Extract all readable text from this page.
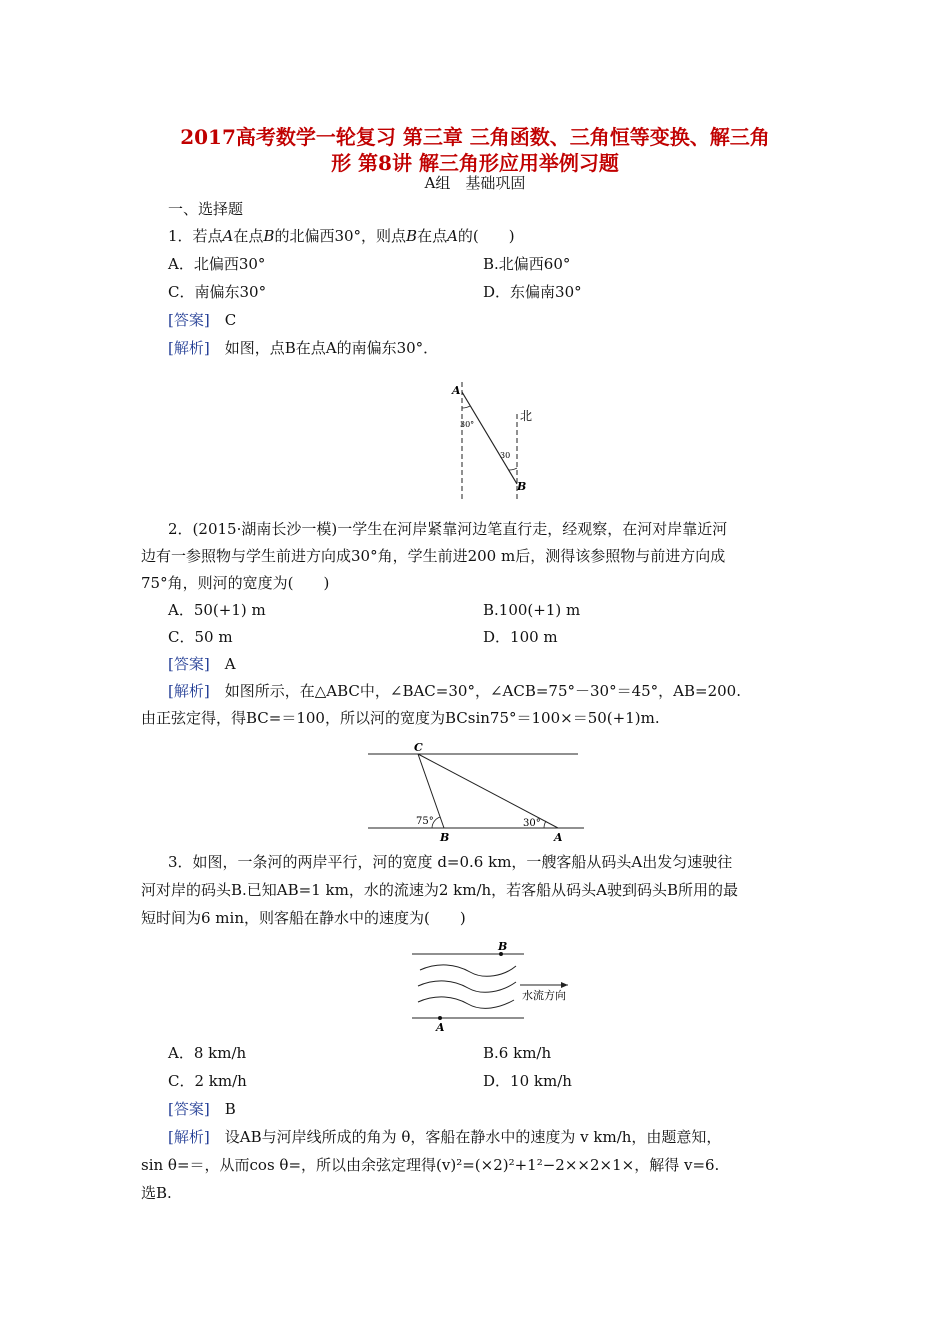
2017高考数学一轮复习 第三章 三角函数、三角恒等变换、解三角
形 第8讲 解三角形应用举例习题
A组　基础巩固
一、选择题
1．若点A在点B的北偏西30°，则点B在点A的(　　)
A．北偏西30°	B.北偏西60°
C．南偏东30°	D．东偏南30°
[答案]　 C
[解析]　 如图，点B在点A的南偏东30°．
A
B
30°
30
北
2．(2015·湖南长沙一模)一学生在河岸紧靠河边笔直行走，经观察，在河对岸靠近河
边有一参照物与学生前进方向成30°角，学生前进200 m后，测得该参照物与前进方向成
75°角，则河的宽度为(　　)
A．50(+1) m	B.100(+1) m
C．50 m	D．100 m
[答案]　 A
[解析]　 如图所示，在△ABC中，∠BAC=30°，∠ACB=75°－30°＝45°，AB=200.
由正弦定得，得BC=＝100，所以河的宽度为BCsin75°＝100×＝50(+1)m.
C
B	A
75°	30°
3．如图，一条河的两岸平行，河的宽度 d=0.6 km，一艘客船从码头A出发匀速驶往
河对岸的码头B.已知AB=1 km，水的流速为2 km/h，若客船从码头A驶到码头B所用的最
短时间为6 min，则客船在静水中的速度为(　　)
B
A
水流方向
A．8 km/h	B.6 km/h
C．2 km/h	D．10 km/h
[答案]　 B
[解析]　 设AB与河岸线所成的角为 θ，客船在静水中的速度为 v km/h，由题意知，
sin θ=＝，从而cos θ=，所以由余弦定理得(v)²=(×2)²+1²−2××2×1×，解得 v=6.
选B.
